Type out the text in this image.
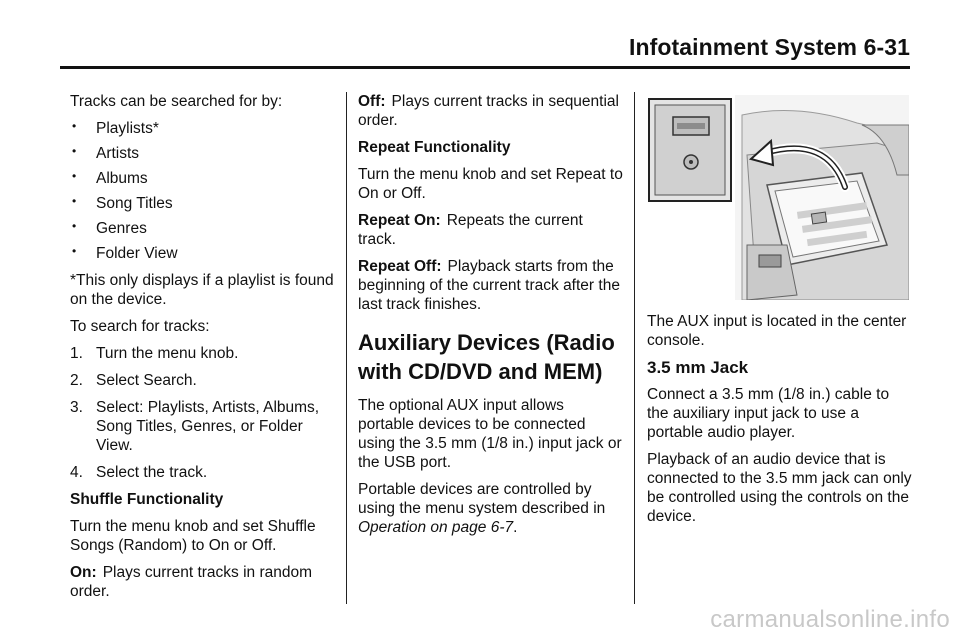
Infotainment System 6-31

Tracks can be searched for by:

• Playlists*
• Artists
• Albums
• Song Titles
• Genres
• Folder View

*This only displays if a playlist is found on the device.

To search for tracks:

1. Turn the menu knob.
2. Select Search.
3. Select: Playlists, Artists, Albums, Song Titles, Genres, or Folder View.
4. Select the track.

Shuffle Functionality

Turn the menu knob and set Shuffle Songs (Random) to On or Off.

On: Plays current tracks in random order.

Off: Plays current tracks in sequential order.

Repeat Functionality

Turn the menu knob and set Repeat to On or Off.

Repeat On: Repeats the current track.

Repeat Off: Playback starts from the beginning of the current track after the last track finishes.

Auxiliary Devices (Radio with CD/DVD and MEM)

The optional AUX input allows portable devices to be connected using the 3.5 mm (1/8 in.) input jack or the USB port.

Portable devices are controlled by using the menu system described in Operation on page 6-7.

The AUX input is located in the center console.

3.5 mm Jack

Connect a 3.5 mm (1/8 in.) cable to the auxiliary input jack to use a portable audio player.

Playback of an audio device that is connected to the 3.5 mm jack can only be controlled using the controls on the device.

carmanualsonline.info
